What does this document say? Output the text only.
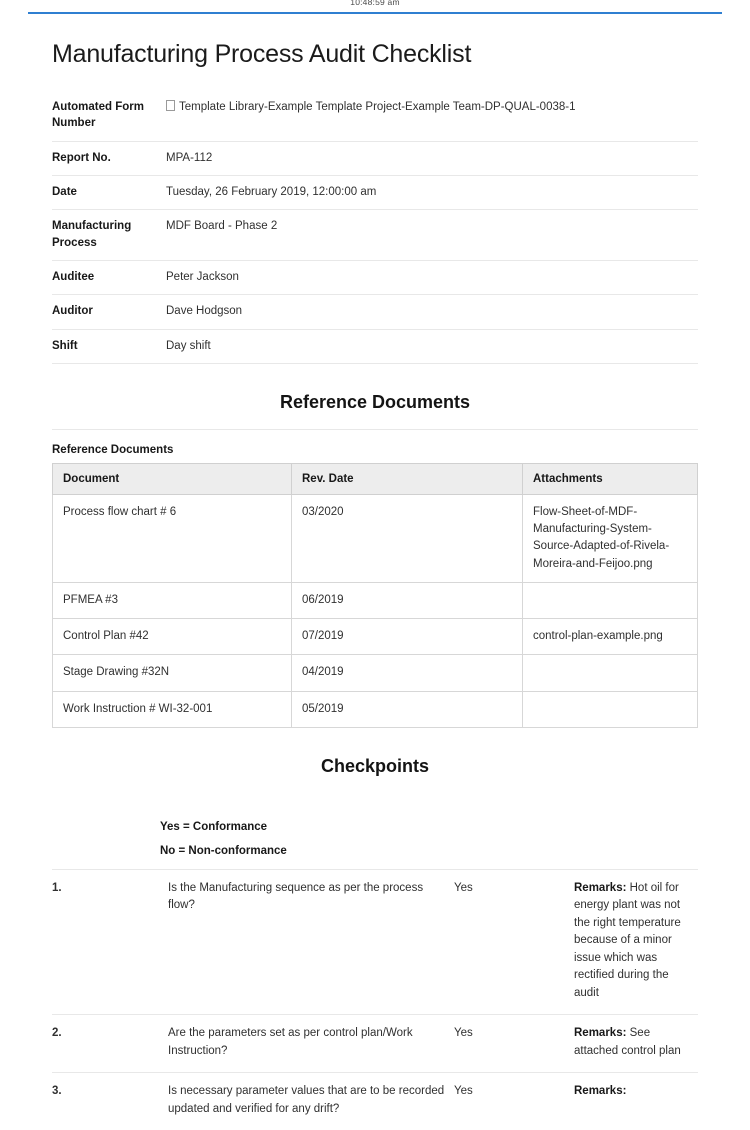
10:48:59 am
Manufacturing Process Audit Checklist
Automated Form Number	Template Library-Example Template Project-Example Team-DP-QUAL-0038-1
Report No.	MPA-112
Date	Tuesday, 26 February 2019, 12:00:00 am
Manufacturing Process	MDF Board - Phase 2
Auditee	Peter Jackson
Auditor	Dave Hodgson
Shift	Day shift
Reference Documents
Reference Documents
Document	Rev. Date	Attachments
Process flow chart # 6	03/2020	Flow-Sheet-of-MDF-Manufacturing-System-Source-Adapted-of-Rivela-Moreira-and-Feijoo.png
PFMEA #3	06/2019	
Control Plan #42	07/2019	control-plan-example.png
Stage Drawing #32N	04/2019	
Work Instruction # WI-32-001	05/2019	
Checkpoints
Yes = Conformance
No = Non-conformance
1.	Is the Manufacturing sequence as per the process flow?	Yes	Remarks: Hot oil for energy plant was not the right temperature because of a minor issue which was rectified during the audit
2.	Are the parameters set as per control plan/Work Instruction?	Yes	Remarks: See attached control plan
3.	Is necessary parameter values that are to be recorded updated and verified for any drift?	Yes	Remarks:
